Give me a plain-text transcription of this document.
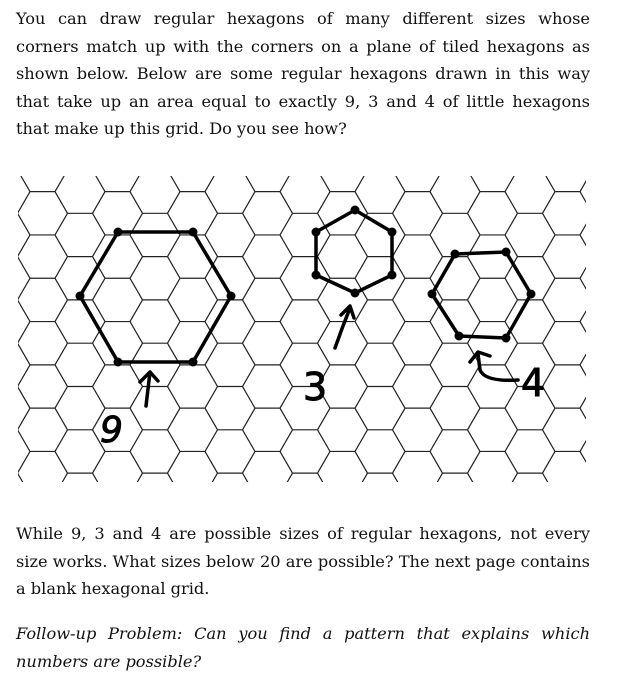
You can draw regular hexagons of many different sizes whose corners match up with the corners on a plane of tiled hexagons as shown below. Below are some regular hexagons drawn in this way that take up an area equal to exactly 9, 3 and 4 of little hexagons that make up this grid. Do you see how?

9
3	4

While 9, 3 and 4 are possible sizes of regular hexagons, not every size works. What sizes below 20 are possible? The next page contains a blank hexagonal grid.

Follow-up Problem: Can you find a pattern that explains which numbers are possible?
